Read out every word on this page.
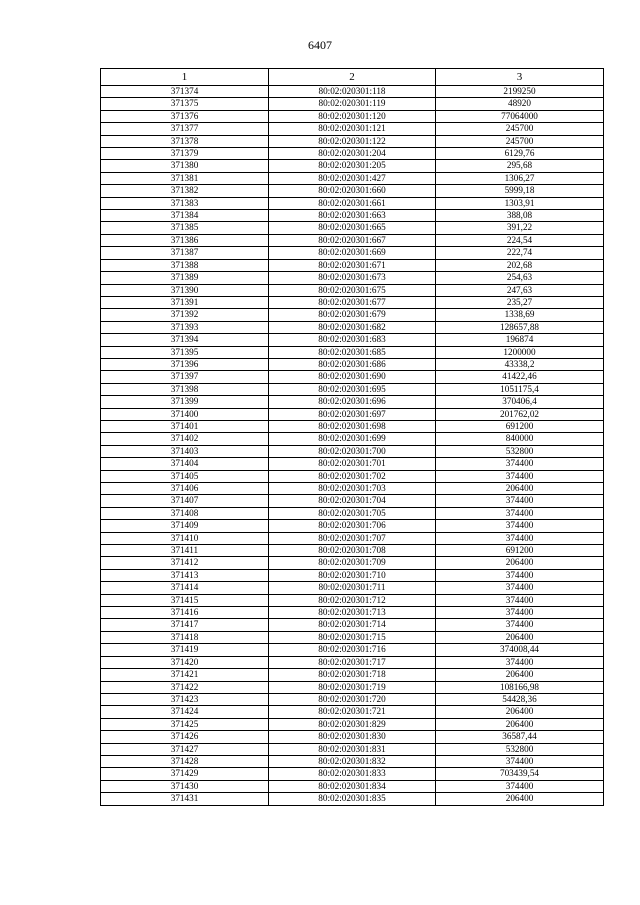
6407
1	2	3
371374	80:02:020301:118	2199250
371375	80:02:020301:119	48920
371376	80:02:020301:120	77064000
371377	80:02:020301:121	245700
371378	80:02:020301:122	245700
371379	80:02:020301:204	6129,76
371380	80:02:020301:205	295,68
371381	80:02:020301:427	1306,27
371382	80:02:020301:660	5999,18
371383	80:02:020301:661	1303,91
371384	80:02:020301:663	388,08
371385	80:02:020301:665	391,22
371386	80:02:020301:667	224,54
371387	80:02:020301:669	222,74
371388	80:02:020301:671	202,68
371389	80:02:020301:673	254,63
371390	80:02:020301:675	247,63
371391	80:02:020301:677	235,27
371392	80:02:020301:679	1338,69
371393	80:02:020301:682	128657,88
371394	80:02:020301:683	196874
371395	80:02:020301:685	1200000
371396	80:02:020301:686	43338,2
371397	80:02:020301:690	41422,46
371398	80:02:020301:695	1051175,4
371399	80:02:020301:696	370406,4
371400	80:02:020301:697	201762,02
371401	80:02:020301:698	691200
371402	80:02:020301:699	840000
371403	80:02:020301:700	532800
371404	80:02:020301:701	374400
371405	80:02:020301:702	374400
371406	80:02:020301:703	206400
371407	80:02:020301:704	374400
371408	80:02:020301:705	374400
371409	80:02:020301:706	374400
371410	80:02:020301:707	374400
371411	80:02:020301:708	691200
371412	80:02:020301:709	206400
371413	80:02:020301:710	374400
371414	80:02:020301:711	374400
371415	80:02:020301:712	374400
371416	80:02:020301:713	374400
371417	80:02:020301:714	374400
371418	80:02:020301:715	206400
371419	80:02:020301:716	374008,44
371420	80:02:020301:717	374400
371421	80:02:020301:718	206400
371422	80:02:020301:719	108166,98
371423	80:02:020301:720	54428,36
371424	80:02:020301:721	206400
371425	80:02:020301:829	206400
371426	80:02:020301:830	36587,44
371427	80:02:020301:831	532800
371428	80:02:020301:832	374400
371429	80:02:020301:833	703439,54
371430	80:02:020301:834	374400
371431	80:02:020301:835	206400
